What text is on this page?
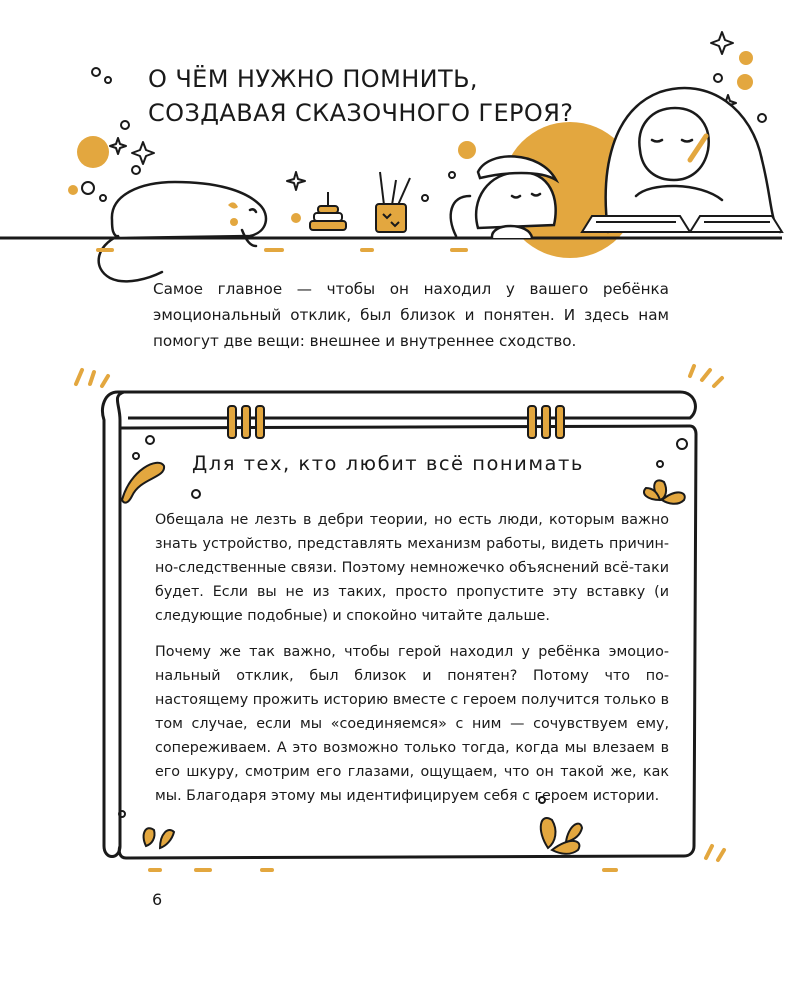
О ЧЁМ НУЖНО ПОМНИТЬ,
СОЗДАВАЯ СКАЗОЧНОГО ГЕРОЯ?

Самое главное — чтобы он находил у вашего ребёнка эмоциональный отклик, был близок и понятен. И здесь нам помогут две вещи: внешнее и внутреннее сходство.

Для тех, кто любит всё понимать

Обещала не лезть в дебри теории, но есть люди, которым важно знать устройство, представлять механизм работы, видеть причинно-следственные связи. Поэтому немножечко объяснений всё-таки будет. Если вы не из таких, просто пропустите эту вставку (и следующие подобные) и спокойно читайте дальше.

Почему же так важно, чтобы герой находил у ребёнка эмоциональный отклик, был близок и понятен? Потому что по-настоящему прожить историю вместе с героем получится только в том случае, если мы «соединяемся» с ним — сочувствуем ему, сопереживаем. А это возможно только тогда, когда мы влезаем в его шкуру, смотрим его глазами, ощущаем, что он такой же, как мы. Благодаря этому мы идентифицируем себя с героем истории.

6
